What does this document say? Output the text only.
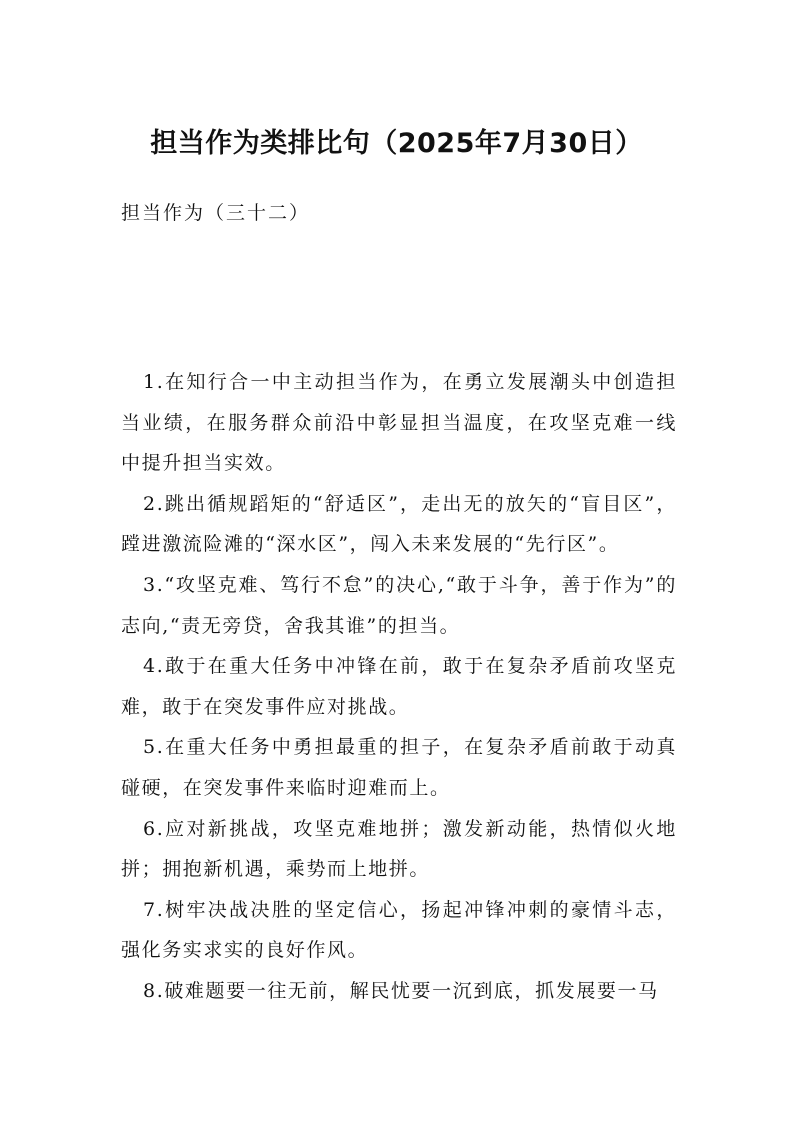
担当作为类排比句（2025年7月30日）

担当作为（三十二）

1.在知行合一中主动担当作为，在勇立发展潮头中创造担当业绩，在服务群众前沿中彰显担当温度，在攻坚克难一线中提升担当实效。
2.跳出循规蹈矩的“舒适区”，走出无的放矢的“盲目区”，蹚进激流险滩的“深水区”，闯入未来发展的“先行区”。
3.“攻坚克难、笃行不怠”的决心,“敢于斗争，善于作为”的志向,“责无旁贷，舍我其谁”的担当。
4.敢于在重大任务中冲锋在前，敢于在复杂矛盾前攻坚克难，敢于在突发事件应对挑战。
5.在重大任务中勇担最重的担子，在复杂矛盾前敢于动真碰硬，在突发事件来临时迎难而上。
6.应对新挑战，攻坚克难地拼；激发新动能，热情似火地拼；拥抱新机遇，乘势而上地拼。
7.树牢决战决胜的坚定信心，扬起冲锋冲刺的豪情斗志，强化务实求实的良好作风。
8.破难题要一往无前，解民忧要一沉到底，抓发展要一马
